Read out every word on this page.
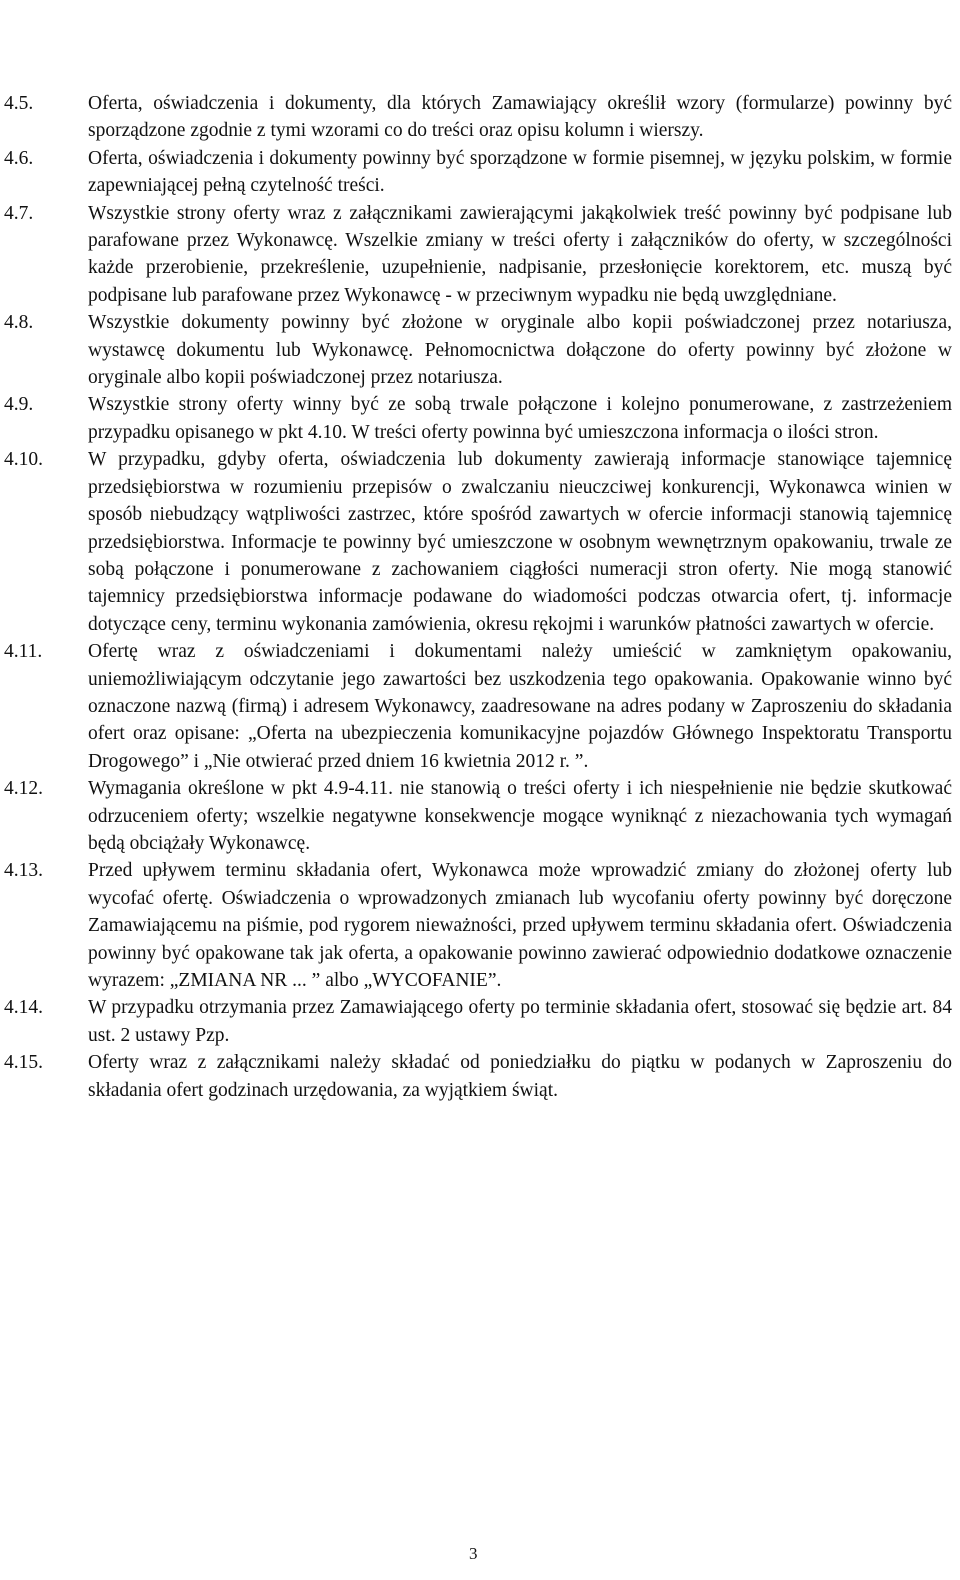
4.5.	Oferta, oświadczenia i dokumenty, dla których Zamawiający określił wzory (formularze) powinny być sporządzone zgodnie z tymi wzorami co do treści oraz opisu kolumn i wierszy.
4.6.	Oferta, oświadczenia i dokumenty powinny być sporządzone w formie pisemnej, w języku polskim, w formie zapewniającej pełną czytelność treści.
4.7.	Wszystkie strony oferty wraz z załącznikami zawierającymi jakąkolwiek treść powinny być podpisane lub parafowane przez Wykonawcę. Wszelkie zmiany w treści oferty i załączników do oferty, w szczególności każde przerobienie, przekreślenie, uzupełnienie, nadpisanie, przesłonięcie korektorem, etc. muszą być podpisane lub parafowane przez Wykonawcę - w przeciwnym wypadku nie będą uwzględniane.
4.8.	Wszystkie dokumenty powinny być złożone w oryginale albo kopii poświadczonej przez notariusza, wystawcę dokumentu lub Wykonawcę. Pełnomocnictwa dołączone do oferty powinny być złożone w oryginale albo kopii poświadczonej przez notariusza.
4.9.	Wszystkie strony oferty winny być ze sobą trwale połączone i kolejno ponumerowane, z zastrzeżeniem przypadku opisanego w pkt 4.10. W treści oferty powinna być umieszczona informacja o ilości stron.
4.10.	W przypadku, gdyby oferta, oświadczenia lub dokumenty zawierają informacje stanowiące tajemnicę przedsiębiorstwa w rozumieniu przepisów o zwalczaniu nieuczciwej konkurencji, Wykonawca winien w sposób niebudzący wątpliwości zastrzec, które spośród zawartych w ofercie informacji stanowią tajemnicę przedsiębiorstwa. Informacje te powinny być umieszczone w osobnym wewnętrznym opakowaniu, trwale ze sobą połączone i ponumerowane z zachowaniem ciągłości numeracji stron oferty. Nie mogą stanowić tajemnicy przedsiębiorstwa informacje podawane do wiadomości podczas otwarcia ofert, tj. informacje dotyczące ceny, terminu wykonania zamówienia, okresu rękojmi i warunków płatności zawartych w ofercie.
4.11.	Ofertę wraz z oświadczeniami i dokumentami należy umieścić w zamkniętym opakowaniu, uniemożliwiającym odczytanie jego zawartości bez uszkodzenia tego opakowania. Opakowanie winno być oznaczone nazwą (firmą) i adresem Wykonawcy, zaadresowane na adres podany w Zaproszeniu do składania ofert oraz opisane: „Oferta na ubezpieczenia komunikacyjne pojazdów Głównego Inspektoratu Transportu Drogowego” i „Nie otwierać przed dniem 16 kwietnia 2012 r. ”.
4.12.	Wymagania określone w pkt 4.9-4.11. nie stanowią o treści oferty i ich niespełnienie nie będzie skutkować odrzuceniem oferty; wszelkie negatywne konsekwencje mogące wyniknąć z niezachowania tych wymagań będą obciążały Wykonawcę.
4.13.	Przed upływem terminu składania ofert, Wykonawca może wprowadzić zmiany do złożonej oferty lub wycofać ofertę. Oświadczenia o wprowadzonych zmianach lub wycofaniu oferty powinny być doręczone Zamawiającemu na piśmie, pod rygorem nieważności, przed upływem terminu składania ofert. Oświadczenia powinny być opakowane tak jak oferta, a opakowanie powinno zawierać odpowiednio dodatkowe oznaczenie wyrazem: „ZMIANA NR ... ” albo „WYCOFANIE”.
4.14.	W przypadku otrzymania przez Zamawiającego oferty po terminie składania ofert, stosować się będzie art. 84 ust. 2 ustawy Pzp.
4.15.	Oferty wraz z załącznikami należy składać od poniedziałku do piątku w podanych w Zaproszeniu do składania ofert godzinach urzędowania, za wyjątkiem świąt.
3
